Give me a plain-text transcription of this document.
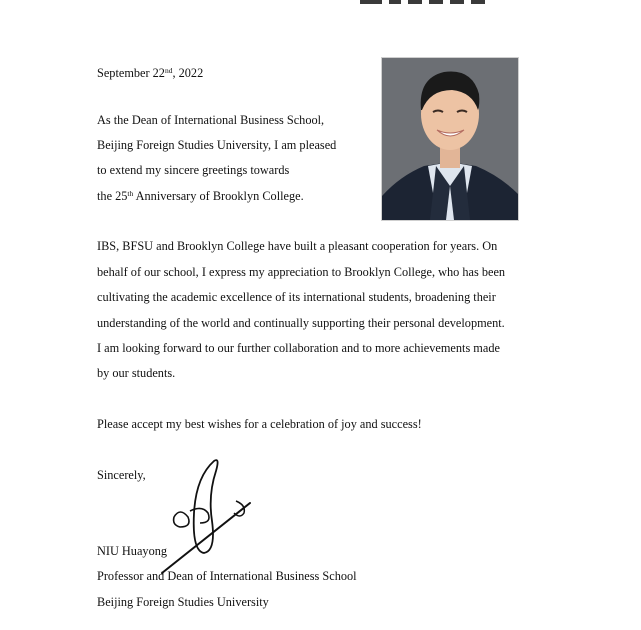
September 22nd, 2022
As the Dean of International Business School,
Beijing Foreign Studies University, I am pleased
to extend my sincere greetings towards
the 25th Anniversary of Brooklyn College.
IBS, BFSU and Brooklyn College have built a pleasant cooperation for years. On
behalf of our school, I express my appreciation to Brooklyn College, who has been
cultivating the academic excellence of its international students, broadening their
understanding of the world and continually supporting their personal development.
I am looking forward to our further collaboration and to more achievements made
by our students.
Please accept my best wishes for a celebration of joy and success!
Sincerely,
NIU Huayong
Professor and Dean of International Business School
Beijing Foreign Studies University
